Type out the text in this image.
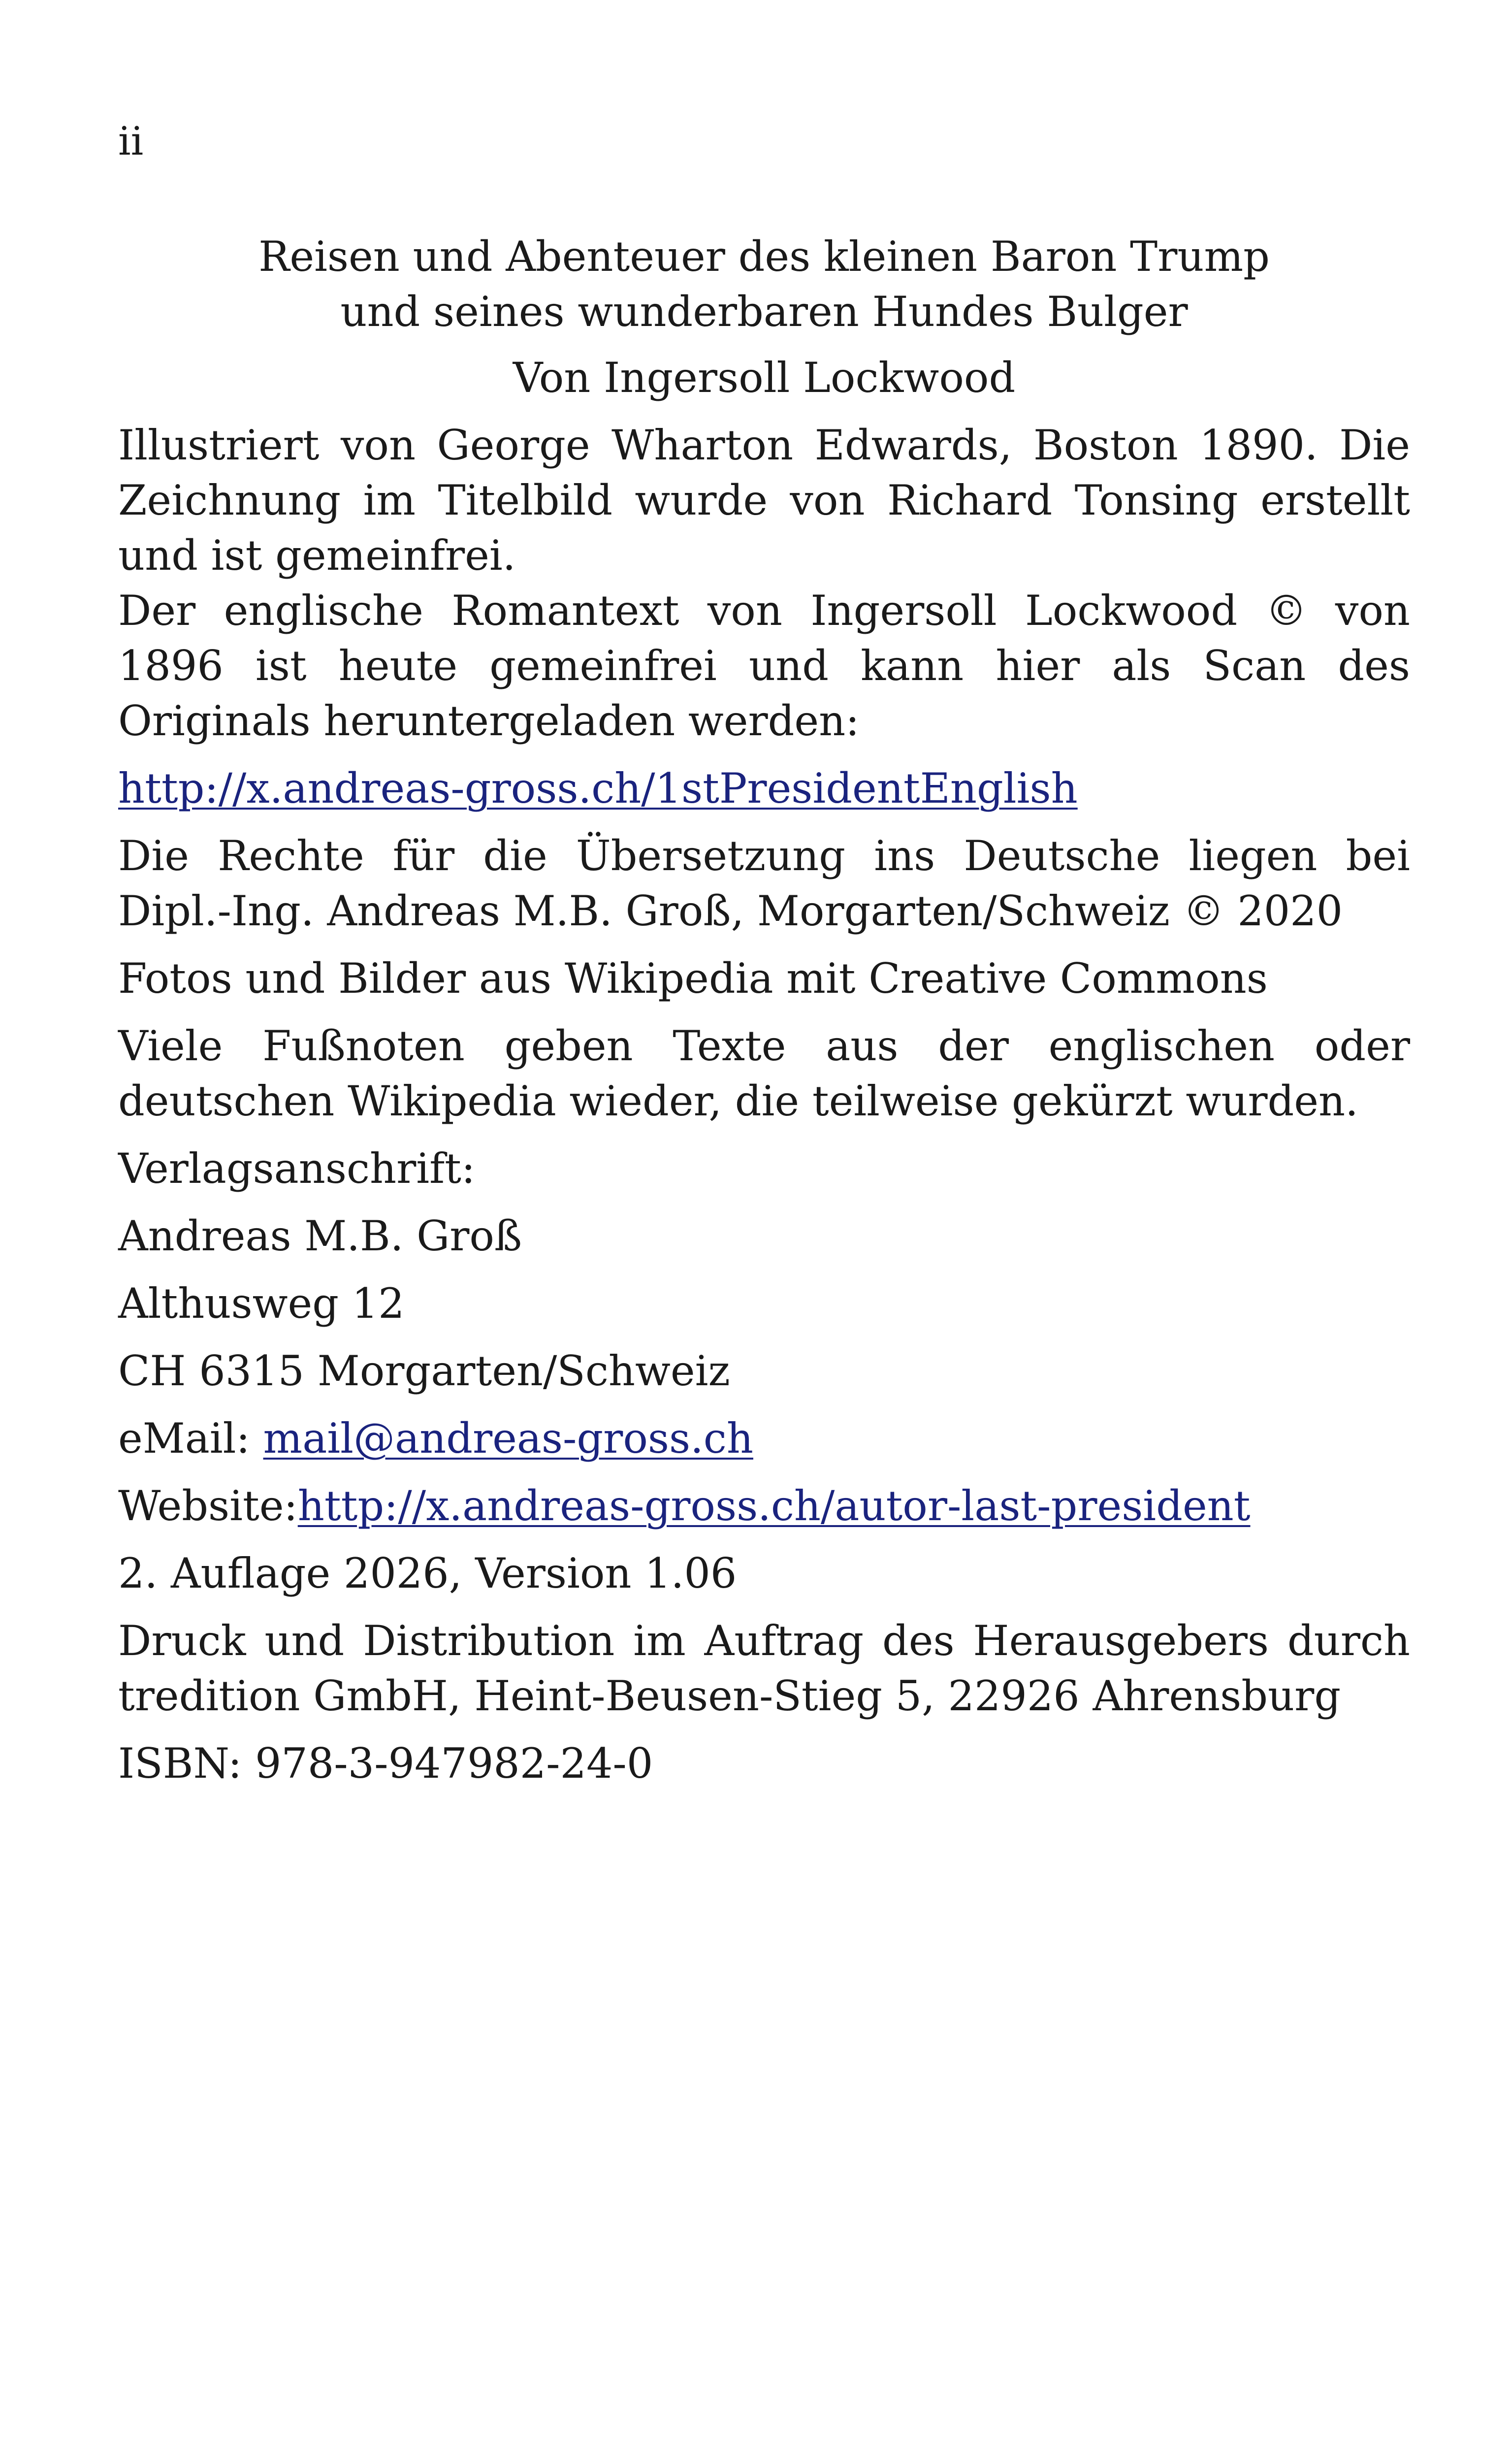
ii
Reisen und Abenteuer des kleinen Baron Trump
und seines wunderbaren Hundes Bulger

Von Ingersoll Lockwood

Illustriert von George Wharton Edwards, Boston 1890. Die Zeichnung im Titelbild wurde von Richard Tonsing erstellt und ist gemeinfrei.

Der englische Romantext von Ingersoll Lockwood © von 1896 ist heute gemeinfrei und kann hier als Scan des Originals heruntergeladen werden:

http://x.andreas-gross.ch/1stPresidentEnglish

Die Rechte für die Übersetzung ins Deutsche liegen bei Dipl.-Ing. Andreas M.B. Groß, Morgarten/Schweiz © 2020

Fotos und Bilder aus Wikipedia mit Creative Commons

Viele Fußnoten geben Texte aus der englischen oder deutschen Wikipedia wieder, die teilweise gekürzt wurden.

Verlagsanschrift:

Andreas M.B. Groß

Althusweg 12

CH 6315 Morgarten/Schweiz

eMail: mail@andreas-gross.ch

Website:http://x.andreas-gross.ch/autor-last-president

2. Auflage 2026, Version 1.06

Druck und Distribution im Auftrag des Herausgebers durch tredition GmbH, Heint-Beusen-Stieg 5, 22926 Ahrensburg

ISBN: 978-3-947982-24-0
